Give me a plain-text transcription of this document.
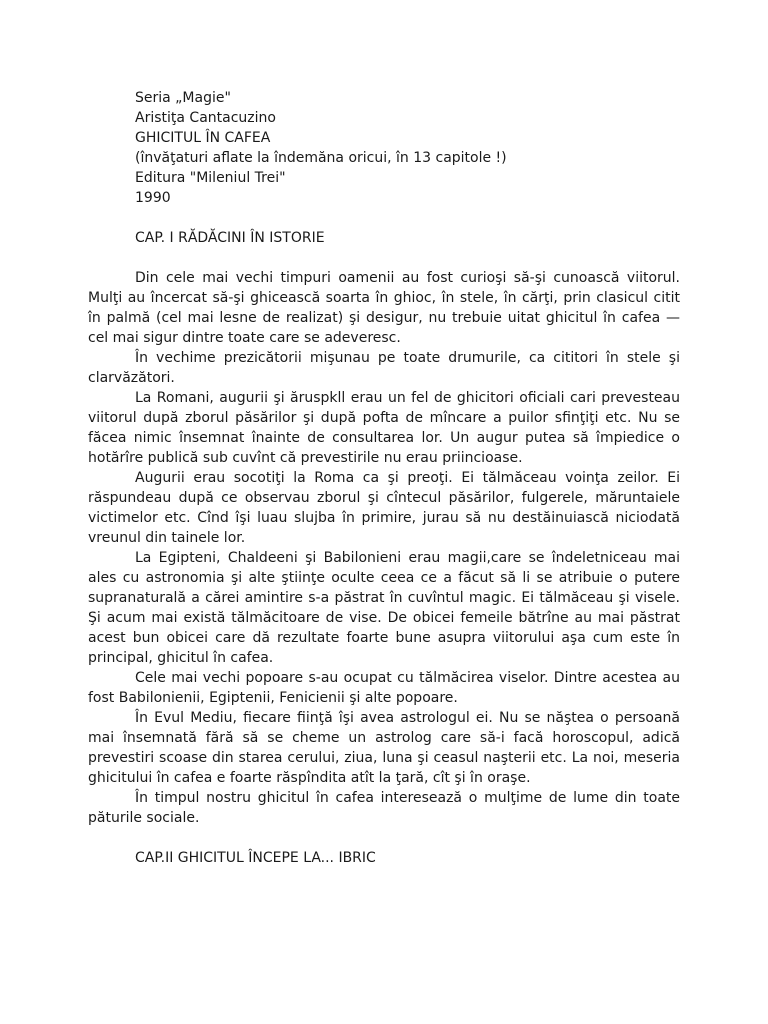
Seria „Magie"
Aristiţa Cantacuzino
GHICITUL ÎN CAFEA
(învăţaturi aflate la îndemăna oricui, în 13 capitole !)
Editura "Mileniul Trei"
1990
CAP. I RĂDĂCINI ÎN ISTORIE

Din cele mai vechi timpuri oamenii au fost curioşi să-şi cunoască viitorul. Mulţi au încercat să-şi ghicească soarta în ghioc, în stele, în cărţi, prin clasicul citit în palmă (cel mai lesne de realizat) şi desigur, nu trebuie uitat ghicitul în cafea — cel mai sigur dintre toate care se adeveresc.

În vechime prezicătorii mişunau pe toate drumurile, ca cititori în stele şi clarvăzători.

La Romani, augurii şi ăruspkll erau un fel de ghicitori oficiali cari prevesteau viitorul după zborul păsărilor şi după pofta de mîncare a puilor sfinţiţi etc. Nu se făcea nimic însemnat înainte de consultarea lor. Un augur putea să împiedice o hotărîre publică sub cuvînt că prevestirile nu erau priincioase.

Augurii erau socotiţi la Roma ca şi preoţi. Ei tălmăceau voinţa zeilor. Ei răspundeau după ce observau zborul şi cîntecul păsărilor, fulgerele, măruntaiele victimelor etc. Cînd îşi luau slujba în primire, jurau să nu destăinuiască niciodată vreunul din tainele lor.

La Egipteni, Chaldeeni şi Babilonieni erau magii,care se îndeletniceau mai ales cu astronomia şi alte ştiinţe oculte ceea ce a făcut să li se atribuie o putere supranaturală a cărei amintire s-a păstrat în cuvîntul magic. Ei tălmăceau şi visele. Şi acum mai există tălmăcitoare de vise. De obicei femeile bătrîne au mai păstrat acest bun obicei care dă rezultate foarte bune asupra viitorului aşa cum este în principal, ghicitul în cafea.

Cele mai vechi popoare s-au ocupat cu tălmăcirea viselor. Dintre acestea au fost Babilonienii, Egiptenii, Fenicienii şi alte popoare.

În Evul Mediu, fiecare fiinţă îşi avea astrologul ei. Nu se năştea o persoană mai însemnată fără să se cheme un astrolog care să-i facă horoscopul, adică prevestiri scoase din starea cerului, ziua, luna şi ceasul naşterii etc. La noi, meseria ghicitului în cafea e foarte răspîndita atît la ţară, cît şi în oraşe.

În timpul nostru ghicitul în cafea interesează o mulţime de lume din toate păturile sociale.

CAP.II GHICITUL ÎNCEPE LA... IBRIC
